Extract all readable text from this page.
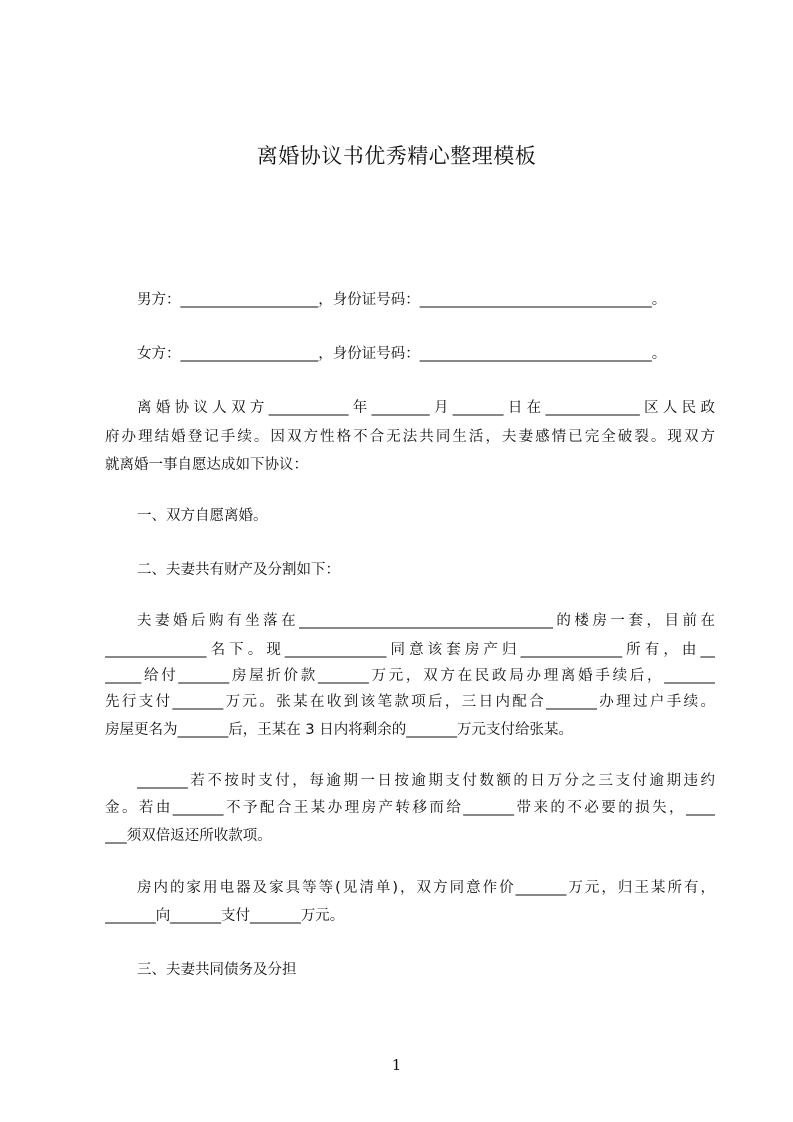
离婚协议书优秀精心整理模板
男方：___________________，身份证号码：________________________________。
女方：___________________，身份证号码：________________________________。
离婚协议人双方___________年________月_______日在_____________区人民政
府办理结婚登记手续。因双方性格不合无法共同生活，夫妻感情已完全破裂。现双方
就离婚一事自愿达成如下协议：
一、双方自愿离婚。
二、夫妻共有财产及分割如下：
夫妻婚后购有坐落在___________________________________的楼房一套，目前在
______________名下。现______________同意该套房产归______________所有，由__
_____给付_______房屋折价款_______万元，双方在民政局办理离婚手续后，_______
先行支付_______万元。张某在收到该笔款项后，三日内配合_______办理过户手续。
房屋更名为_______后，王某在 3 日内将剩余的_______万元支付给张某。
_______若不按时支付，每逾期一日按逾期支付数额的日万分之三支付逾期违约
金。若由_______不予配合王某办理房产转移而给_______带来的不必要的损失，____
___须双倍返还所收款项。
房内的家用电器及家具等等(见清单)，双方同意作价_______万元，归王某所有，
_______向_______支付_______万元。
三、夫妻共同债务及分担
1
